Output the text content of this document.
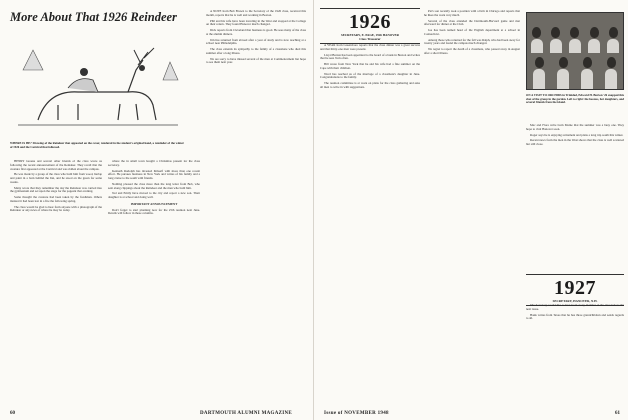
More About That 1926 Reindeer
WHERE IS HE? Drawing of the Reindeer that appeared on the cover, rendered in the student's original hand, a reminder of the winter of 1926 and the Carnival that followed.

HENRY Greene and several other friends of the class wrote us following the recent announcement of the Reindeer. They recall that the creature first appeared at the Carnival and was ridden about the campus.

He was made by a group of the class who built him from wood, burlap and paint in a barn behind the Inn, and he stood on the green for some weeks.

Many wrote that they remember the day the Reindeer was carried into the gymnasium and set upon the stage for the pageant that evening.

Some thought the creature had been taken by the freshmen. Others insisted it had been lost in a fire the following spring.

The class would be glad to hear from anyone with a photograph of the Reindeer or any news of where he may be today.

where the in small town bought a Christmas present for the class secretary.

Kenneth Rudolph has invested himself with more than one recent effort. He pursues business in New York and writes of his family and a long cruise to the south with friends.

Nothing pleased the class more than the long letter from Bob, who sent along clippings about the Reindeer and the men who built him.

Ted and Emily have moved to the city and report a new son. Their daughter is at school and doing well.

IMPORTANT ANNOUNCEMENT

Don't forget to start planning now for the 25th reunion next June. Details will follow in these columns.

A NOTE from Bob Brown to the Secretary of the 1926 class, received this month, reports that he is well and working in Boston.

Phil and his wife have been traveling in the West and stopped at the College on their return. They found Hanover much changed.

Dick reports from Cleveland that business is good. He sees many of the class at the alumni dinners.

Jim has returned from abroad after a year of study and is now teaching at a school near Philadelphia.

The class extends its sympathy to the family of a classmate who died this summer after a long illness.

We are sorry to have missed several of the men at Commencement but hope to see them next year.

60	DARTMOUTH ALUMNI MAGAZINE
1926
SECRETARY, E. PAGE, 1926 HANOVER
Class Treasurer

A YEAR from Greensboro reports that the class dinner was a great success and that thirty-one men were present.

Lloyd Burton has been appointed to the board of a bank in Boston and writes that he sees Tom often.

Bill wrote from New York that he and his wife had a fine summer on the Cape with their children.

Word has reached us of the marriage of a classmate's daughter in June. Congratulations to the family.

The reunion committee is at work on plans for the class gathering and asks all men to write in with suggestions.

Pat's son recently took a position with a firm in Chicago and reports that he likes the work very much.

Several of the class attended the Dartmouth-Harvard game and met afterward for dinner at the Club.

Joe has been named head of the English department at a school in Connecticut.

Among those who returned for the fall was Ralph, who had been away for twenty years and found the campus much changed.

We regret to report the death of a classmate, who passed away in August after a short illness.

ON A VISIT TO ORCHIDS in Trinidad, Edward H. Burton '26 snapped this shot of the group in the garden. Left to right: the hostess, her daughters, and several friends from the island.

Mac and Flora write from Maine that the summer was a busy one. They hope to visit Hanover soon.

Roger says he is enjoying retirement and plans a long trip south this winter.

Recent news from the men in the West shows that the class is well scattered but still close.

1927
SECRETARY, HANOVER, N.H.

The Secretary would like to hear from every member of the class before the next issue.

Hank writes from Texas that he has three grandchildren and sends regards to all.

Issue of NOVEMBER 1948	61
